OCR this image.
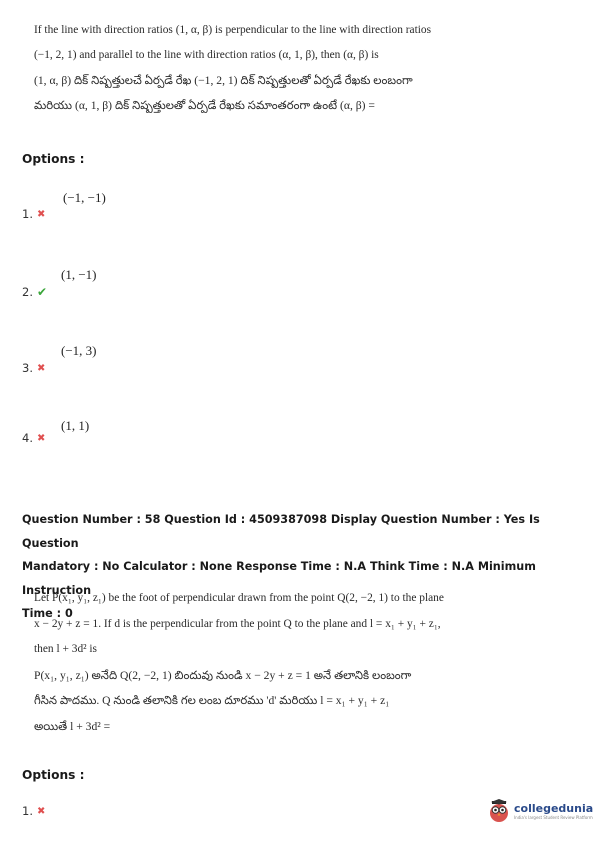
If the line with direction ratios (1, α, β) is perpendicular to the line with direction ratios
(−1, 2, 1) and parallel to the line with direction ratios (α, 1, β), then (α, β) is
(1, α, β) దిక్ నిష్పత్తులచే ఏర్పడే రేఖ (−1, 2, 1) దిక్ నిష్పత్తులతో ఏర్పడే రేఖకు లంబంగా
మరియు (α, 1, β) దిక్ నిష్పత్తులతో ఏర్పడే రేఖకు సమాంతరంగా ఉంటే (α, β) =
Options :
(−1, −1)
1. ✖
(1, −1)
2. ✔
(−1, 3)
3. ✖
(1, 1)
4. ✖
Question Number : 58 Question Id : 4509387098 Display Question Number : Yes Is Question
Mandatory : No Calculator : None Response Time : N.A Think Time : N.A Minimum Instruction
Time : 0
Let P(x₁, y₁, z₁) be the foot of perpendicular drawn from the point Q(2, −2, 1) to the plane
x − 2y + z = 1. If d is the perpendicular from the point Q to the plane and l = x₁ + y₁ + z₁,
then l + 3d² is
P(x₁, y₁, z₁) అనేది Q(2, −2, 1) బిందువు నుండి x − 2y + z = 1 అనే తలానికి లంబంగా
గీసిన పాదము. Q నుండి తలానికి గల లంబ దూరము 'd' మరియు l = x₁ + y₁ + z₁
అయితే l + 3d² =
Options :
1. ✖	collegedunia
India's largest Student Review Platform
